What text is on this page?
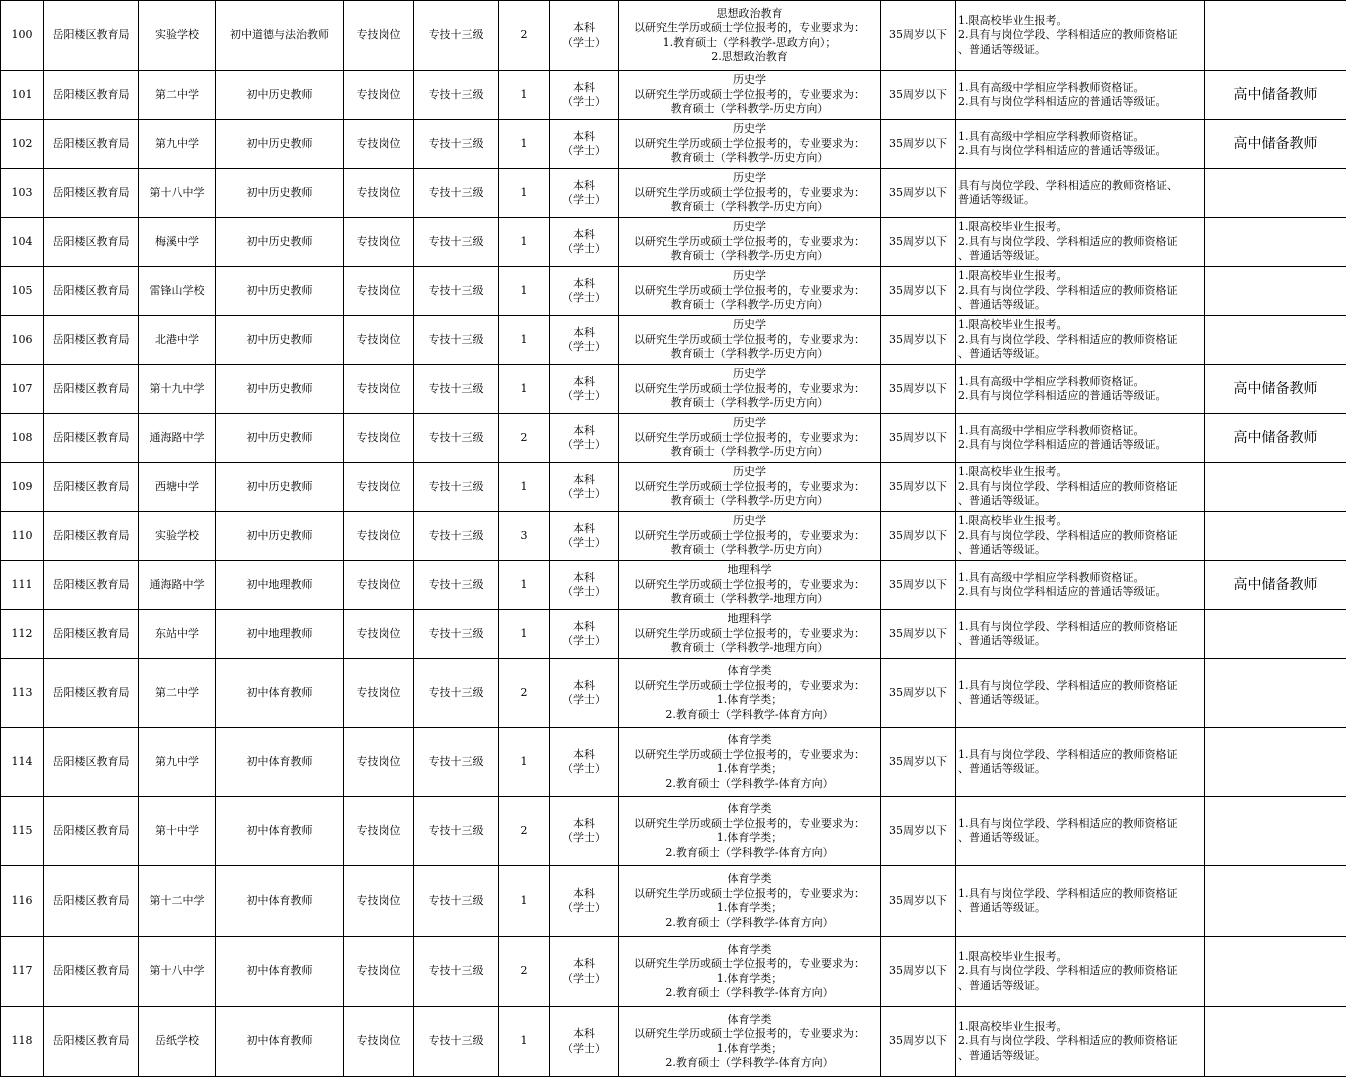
100	岳阳楼区教育局	实验学校	初中道德与法治教师	专技岗位	专技十三级	2	本科
（学士）	思想政治教育
以研究生学历或硕士学位报考的，专业要求为：
1.教育硕士（学科教学-思政方向）；
2.思想政治教育	35周岁以下	1.限高校毕业生报考。
2.具有与岗位学段、学科相适应的教师资格证
、普通话等级证。	

101	岳阳楼区教育局	第二中学	初中历史教师	专技岗位	专技十三级	1	本科
（学士）	历史学
以研究生学历或硕士学位报考的，专业要求为：
教育硕士（学科教学-历史方向）	35周岁以下	1.具有高级中学相应学科教师资格证。
2.具有与岗位学科相适应的普通话等级证。	高中储备教师
102	岳阳楼区教育局	第九中学	初中历史教师	专技岗位	专技十三级	1	本科
（学士）	历史学
以研究生学历或硕士学位报考的，专业要求为：
教育硕士（学科教学-历史方向）	35周岁以下	1.具有高级中学相应学科教师资格证。
2.具有与岗位学科相适应的普通话等级证。	高中储备教师
103	岳阳楼区教育局	第十八中学	初中历史教师	专技岗位	专技十三级	1	本科
（学士）	历史学
以研究生学历或硕士学位报考的，专业要求为：
教育硕士（学科教学-历史方向）	35周岁以下	具有与岗位学段、学科相适应的教师资格证、
普通话等级证。	

104	岳阳楼区教育局	梅溪中学	初中历史教师	专技岗位	专技十三级	1	本科
（学士）	历史学
以研究生学历或硕士学位报考的，专业要求为：
教育硕士（学科教学-历史方向）	35周岁以下	1.限高校毕业生报考。
2.具有与岗位学段、学科相适应的教师资格证
、普通话等级证。	

105	岳阳楼区教育局	雷锋山学校	初中历史教师	专技岗位	专技十三级	1	本科
（学士）	历史学
以研究生学历或硕士学位报考的，专业要求为：
教育硕士（学科教学-历史方向）	35周岁以下	1.限高校毕业生报考。
2.具有与岗位学段、学科相适应的教师资格证
、普通话等级证。	

106	岳阳楼区教育局	北港中学	初中历史教师	专技岗位	专技十三级	1	本科
（学士）	历史学
以研究生学历或硕士学位报考的，专业要求为：
教育硕士（学科教学-历史方向）	35周岁以下	1.限高校毕业生报考。
2.具有与岗位学段、学科相适应的教师资格证
、普通话等级证。	

107	岳阳楼区教育局	第十九中学	初中历史教师	专技岗位	专技十三级	1	本科
（学士）	历史学
以研究生学历或硕士学位报考的，专业要求为：
教育硕士（学科教学-历史方向）	35周岁以下	1.具有高级中学相应学科教师资格证。
2.具有与岗位学科相适应的普通话等级证。	高中储备教师
108	岳阳楼区教育局	通海路中学	初中历史教师	专技岗位	专技十三级	2	本科
（学士）	历史学
以研究生学历或硕士学位报考的，专业要求为：
教育硕士（学科教学-历史方向）	35周岁以下	1.具有高级中学相应学科教师资格证。
2.具有与岗位学科相适应的普通话等级证。	高中储备教师
109	岳阳楼区教育局	西塘中学	初中历史教师	专技岗位	专技十三级	1	本科
（学士）	历史学
以研究生学历或硕士学位报考的，专业要求为：
教育硕士（学科教学-历史方向）	35周岁以下	1.限高校毕业生报考。
2.具有与岗位学段、学科相适应的教师资格证
、普通话等级证。	

110	岳阳楼区教育局	实验学校	初中历史教师	专技岗位	专技十三级	3	本科
（学士）	历史学
以研究生学历或硕士学位报考的，专业要求为：
教育硕士（学科教学-历史方向）	35周岁以下	1.限高校毕业生报考。
2.具有与岗位学段、学科相适应的教师资格证
、普通话等级证。	

111	岳阳楼区教育局	通海路中学	初中地理教师	专技岗位	专技十三级	1	本科
（学士）	地理科学
以研究生学历或硕士学位报考的，专业要求为：
教育硕士（学科教学-地理方向）	35周岁以下	1.具有高级中学相应学科教师资格证。
2.具有与岗位学科相适应的普通话等级证。	高中储备教师
112	岳阳楼区教育局	东站中学	初中地理教师	专技岗位	专技十三级	1	本科
（学士）	地理科学
以研究生学历或硕士学位报考的，专业要求为：
教育硕士（学科教学-地理方向）	35周岁以下	1.具有与岗位学段、学科相适应的教师资格证
、普通话等级证。	

113	岳阳楼区教育局	第二中学	初中体育教师	专技岗位	专技十三级	2	本科
（学士）	体育学类
以研究生学历或硕士学位报考的，专业要求为：
1.体育学类；
2.教育硕士（学科教学-体育方向）	35周岁以下	1.具有与岗位学段、学科相适应的教师资格证
、普通话等级证。	

114	岳阳楼区教育局	第九中学	初中体育教师	专技岗位	专技十三级	1	本科
（学士）	体育学类
以研究生学历或硕士学位报考的，专业要求为：
1.体育学类；
2.教育硕士（学科教学-体育方向）	35周岁以下	1.具有与岗位学段、学科相适应的教师资格证
、普通话等级证。	

115	岳阳楼区教育局	第十中学	初中体育教师	专技岗位	专技十三级	2	本科
（学士）	体育学类
以研究生学历或硕士学位报考的，专业要求为：
1.体育学类；
2.教育硕士（学科教学-体育方向）	35周岁以下	1.具有与岗位学段、学科相适应的教师资格证
、普通话等级证。	

116	岳阳楼区教育局	第十二中学	初中体育教师	专技岗位	专技十三级	1	本科
（学士）	体育学类
以研究生学历或硕士学位报考的，专业要求为：
1.体育学类；
2.教育硕士（学科教学-体育方向）	35周岁以下	1.具有与岗位学段、学科相适应的教师资格证
、普通话等级证。	

117	岳阳楼区教育局	第十八中学	初中体育教师	专技岗位	专技十三级	2	本科
（学士）	体育学类
以研究生学历或硕士学位报考的，专业要求为：
1.体育学类；
2.教育硕士（学科教学-体育方向）	35周岁以下	1.限高校毕业生报考。
2.具有与岗位学段、学科相适应的教师资格证
、普通话等级证。	

118	岳阳楼区教育局	岳纸学校	初中体育教师	专技岗位	专技十三级	1	本科
（学士）	体育学类
以研究生学历或硕士学位报考的，专业要求为：
1.体育学类；
2.教育硕士（学科教学-体育方向）	35周岁以下	1.限高校毕业生报考。
2.具有与岗位学段、学科相适应的教师资格证
、普通话等级证。	
